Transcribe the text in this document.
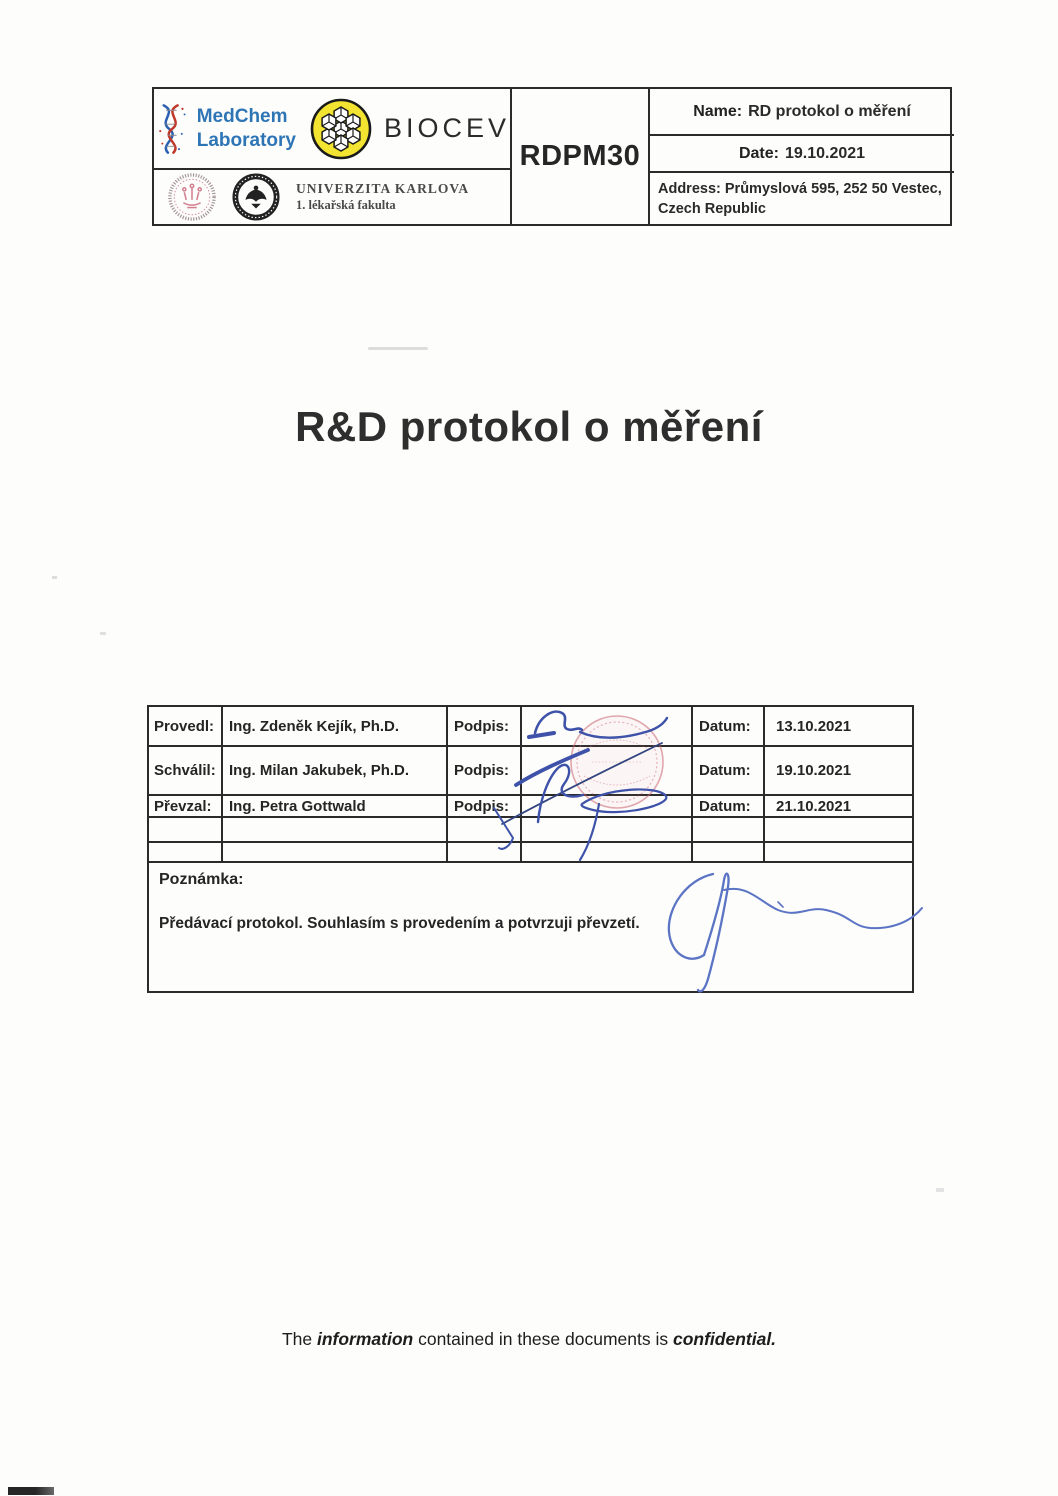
MedChem
Laboratory	BIOCEV
UNIVERZITA KARLOVA
1. lékařská fakulta
RDPM30
Name: RD protokol o měření
Date: 19.10.2021
Address: Průmyslová 595, 252 50 Vestec,
Czech Republic
R&D protokol o měření
Provedl: Ing. Zdeněk Kejík, Ph.D.	Podpis:	Datum:	13.10.2021
Schválil: Ing. Milan Jakubek, Ph.D.	Podpis:	Datum:	19.10.2021
Převzal:	Ing. Petra Gottwald	Podpis:	Datum:	21.10.2021
Poznámka:
Předávací protokol. Souhlasím s provedením a potvrzuji převzetí.
The information contained in these documents is confidential.
